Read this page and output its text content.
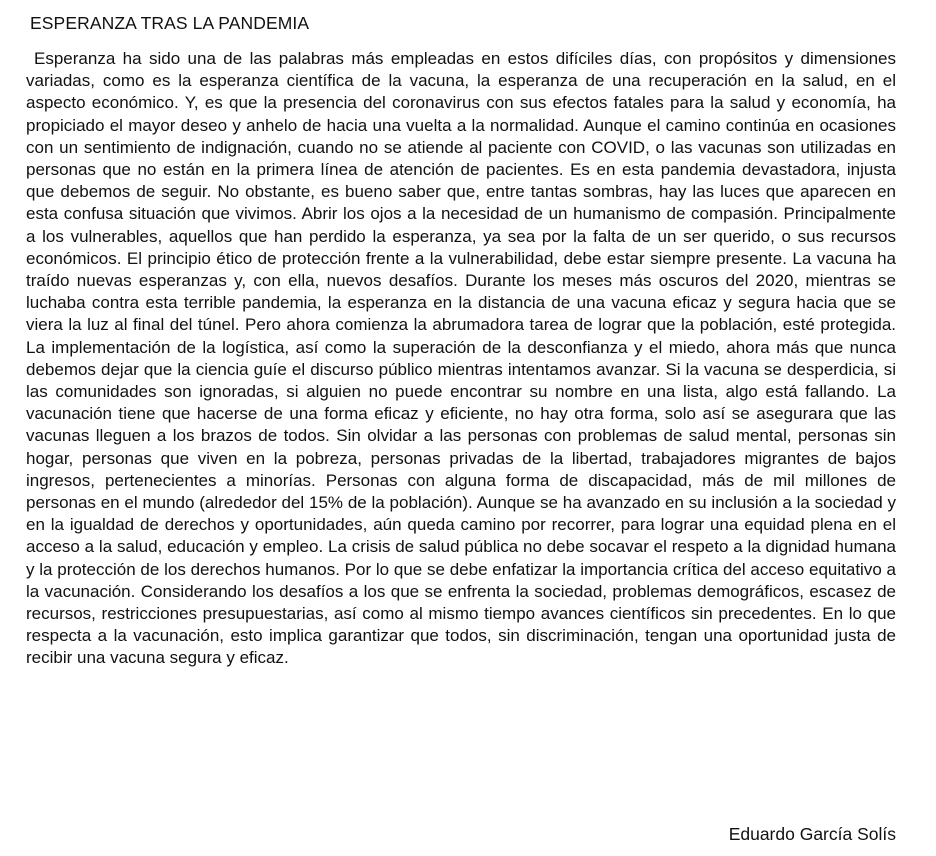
ESPERANZA TRAS LA PANDEMIA

Esperanza ha sido una de las palabras más empleadas en estos difíciles días, con propósitos y dimensiones variadas, como es la esperanza científica de la vacuna, la esperanza de una recuperación en la salud, en el aspecto económico. Y, es que la presencia del coronavirus con sus efectos fatales para la salud y economía, ha propiciado el mayor deseo y anhelo de hacia una vuelta a la normalidad. Aunque el camino continúa en ocasiones con un sentimiento de indignación, cuando no se atiende al paciente con COVID, o las vacunas son utilizadas en personas que no están en la primera línea de atención de pacientes. Es en esta pandemia devastadora, injusta que debemos de seguir. No obstante, es bueno saber que, entre tantas sombras, hay las luces que aparecen en esta confusa situación que vivimos. Abrir los ojos a la necesidad de un humanismo de compasión. Principalmente a los vulnerables, aquellos que han perdido la esperanza, ya sea por la falta de un ser querido, o sus recursos económicos. El principio ético de protección frente a la vulnerabilidad, debe estar siempre presente. La vacuna ha traído nuevas esperanzas y, con ella, nuevos desafíos. Durante los meses más oscuros del 2020, mientras se luchaba contra esta terrible pandemia, la esperanza en la distancia de una vacuna eficaz y segura hacia que se viera la luz al final del túnel. Pero ahora comienza la abrumadora tarea de lograr que la población, esté protegida. La implementación de la logística, así como la superación de la desconfianza y el miedo, ahora más que nunca debemos dejar que la ciencia guíe el discurso público mientras intentamos avanzar. Si la vacuna se desperdicia, si las comunidades son ignoradas, si alguien no puede encontrar su nombre en una lista, algo está fallando. La vacunación tiene que hacerse de una forma eficaz y eficiente, no hay otra forma, solo así se asegurara que las vacunas lleguen a los brazos de todos. Sin olvidar a las personas con problemas de salud mental, personas sin hogar, personas que viven en la pobreza, personas privadas de la libertad, trabajadores migrantes de bajos ingresos, pertenecientes a minorías. Personas con alguna forma de discapacidad, más de mil millones de personas en el mundo (alrededor del 15% de la población). Aunque se ha avanzado en su inclusión a la sociedad y en la igualdad de derechos y oportunidades, aún queda camino por recorrer, para lograr una equidad plena en el acceso a la salud, educación y empleo. La crisis de salud pública no debe socavar el respeto a la dignidad humana y la protección de los derechos humanos. Por lo que se debe enfatizar la importancia crítica del acceso equitativo a la vacunación. Considerando los desafíos a los que se enfrenta la sociedad, problemas demográficos, escasez de recursos, restricciones presupuestarias, así como al mismo tiempo avances científicos sin precedentes. En lo que respecta a la vacunación, esto implica garantizar que todos, sin discriminación, tengan una oportunidad justa de recibir una vacuna segura y eficaz.

Eduardo García Solís
